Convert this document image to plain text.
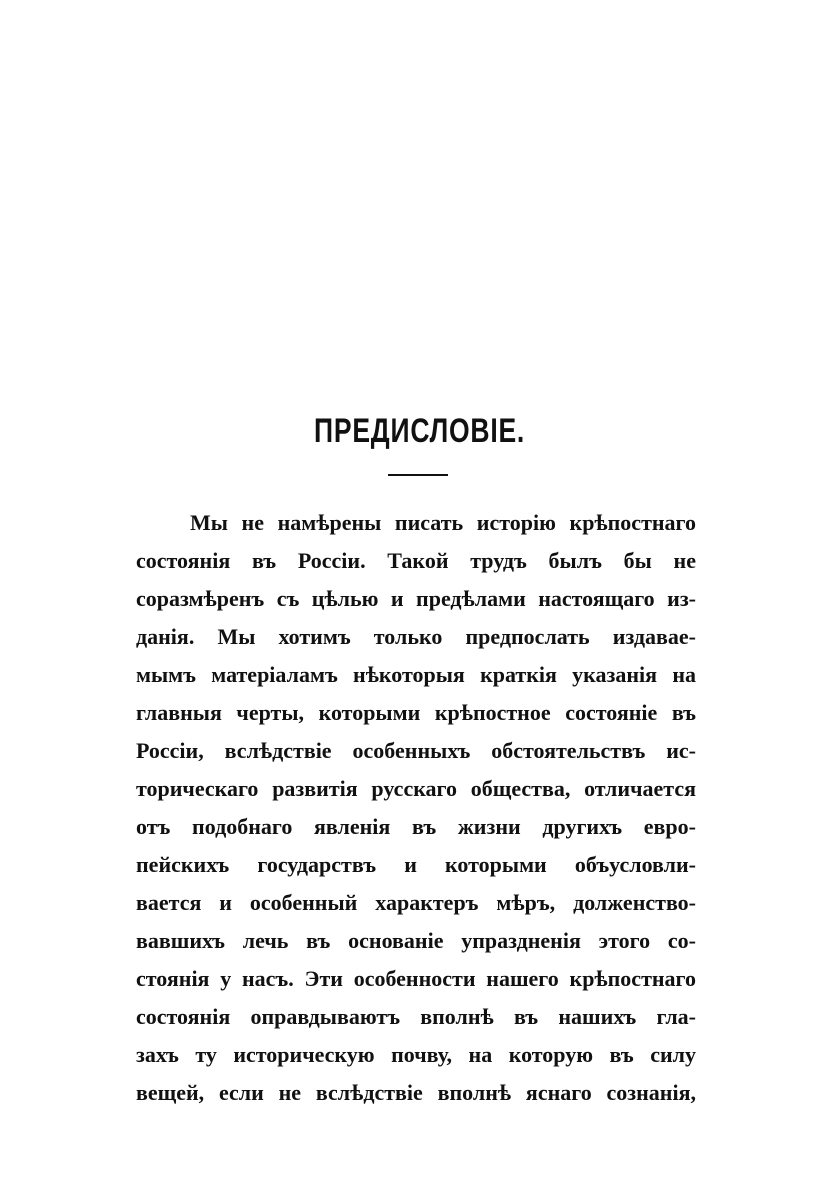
ПРЕДИСЛОВІЕ.
Мы не намѣрены писать исторію крѣпостнаго
состоянія въ Россіи. Такой трудъ былъ бы не
соразмѣренъ съ цѣлью и предѣлами настоящаго из-
данія. Мы хотимъ только предпослать издавае-
мымъ матеріаламъ нѣкоторыя краткія указанія на
главныя черты, которыми крѣпостное состояніе въ
Россіи, вслѣдствіе особенныхъ обстоятельствъ ис-
торическаго развитія русскаго общества, отличается
отъ подобнаго явленія въ жизни другихъ евро-
пейскихъ государствъ и которыми объусловли-
вается и особенный характеръ мѣръ, долженство-
вавшихъ лечь въ основаніе упраздненія этого со-
стоянія у насъ. Эти особенности нашего крѣпостнаго
состоянія оправдываютъ вполнѣ въ нашихъ гла-
захъ ту историческую почву, на которую въ силу
вещей, если не вслѣдствіе вполнѣ яснаго сознанія,
